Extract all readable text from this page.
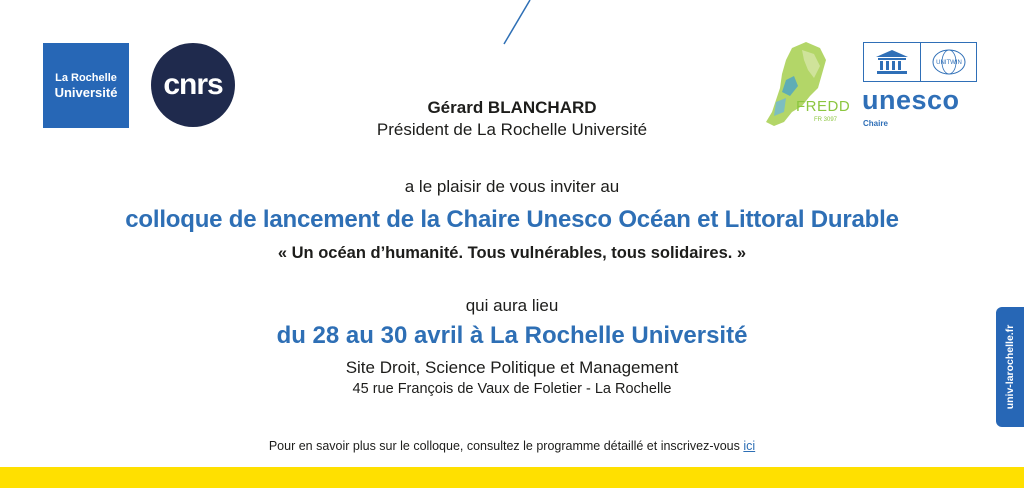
La Rochelle
Université cnrs
FREDD
FR 3097
UNITWIN
unesco
Chaire
Gérard BLANCHARD
Président de La Rochelle Université
a le plaisir de vous inviter au
colloque de lancement de la Chaire Unesco Océan et Littoral Durable
« Un océan d’humanité. Tous vulnérables, tous solidaires. »
qui aura lieu
du 28 au 30 avril à La Rochelle Université
Site Droit, Science Politique et Management
45 rue François de Vaux de Foletier - La Rochelle
Pour en savoir plus sur le colloque, consultez le programme détaillé et inscrivez-vous ici
univ-larochelle.fr
